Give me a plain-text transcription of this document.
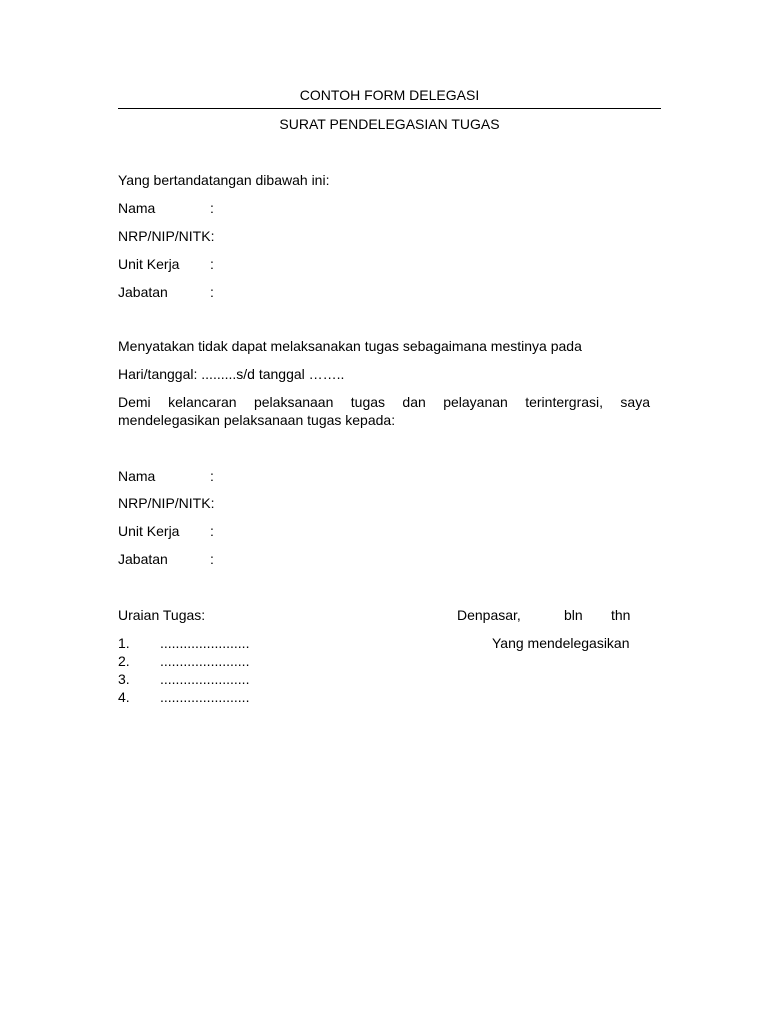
CONTOH FORM DELEGASI
SURAT PENDELEGASIAN TUGAS
Yang bertandatangan dibawah ini:
Nama	:
NRP/NIP/NITK:
Unit Kerja :
Jabatan	:
Menyatakan tidak dapat melaksanakan tugas sebagaimana mestinya pada
Hari/tanggal: .........s/d tanggal ……..
Demi kelancaran pelaksanaan tugas dan pelayanan terintergrasi, saya
mendelegasikan pelaksanaan tugas kepada:
Nama	:
NRP/NIP/NITK:
Unit Kerja :
Jabatan	:
Uraian Tugas:	Denpasar,	bln thn
Yang mendelegasikan
1. .......................
2. .......................
3. .......................
4. .......................
